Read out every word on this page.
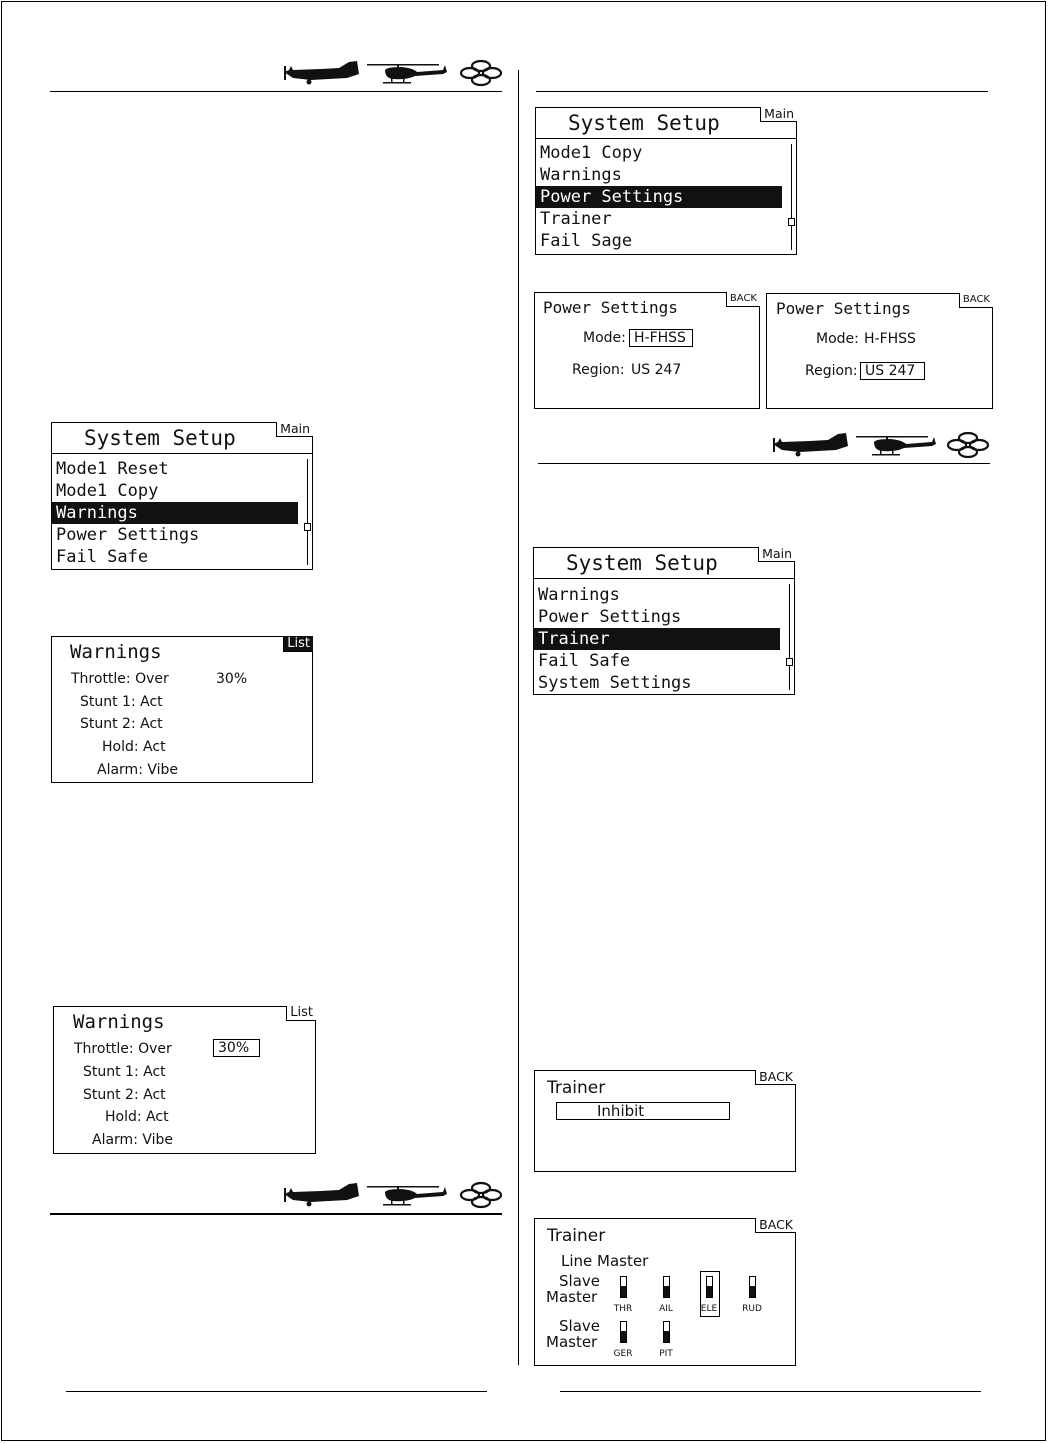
System Setup	Main
Mode1 Reset
Mode1 Copy
Warnings
Power Settings
Fail Safe
Warnings	List
Throttle: Over	30%
Stunt 1: Act
Stunt 2: Act
Hold: Act
Alarm: Vibe
Warnings	List
Throttle: Over	30%
Stunt 1: Act
Stunt 2: Act
Hold: Act
Alarm: Vibe
System Setup	Main
Mode1 Copy
Warnings
Power Settings
Trainer
Fail Sage
Power Settings	BACK
Mode: H-FHSS
Region: US 247
Power Settings	BACK
Mode: H-FHSS
Region: US 247
System Setup	Main
Warnings
Power Settings
Trainer
Fail Safe
System Settings
Trainer
BACK
Inhibit
Trainer
BACK
Line Master
Slave
Master
THR	AIL	ELE	RUD
Slave
Master
GER	PIT
